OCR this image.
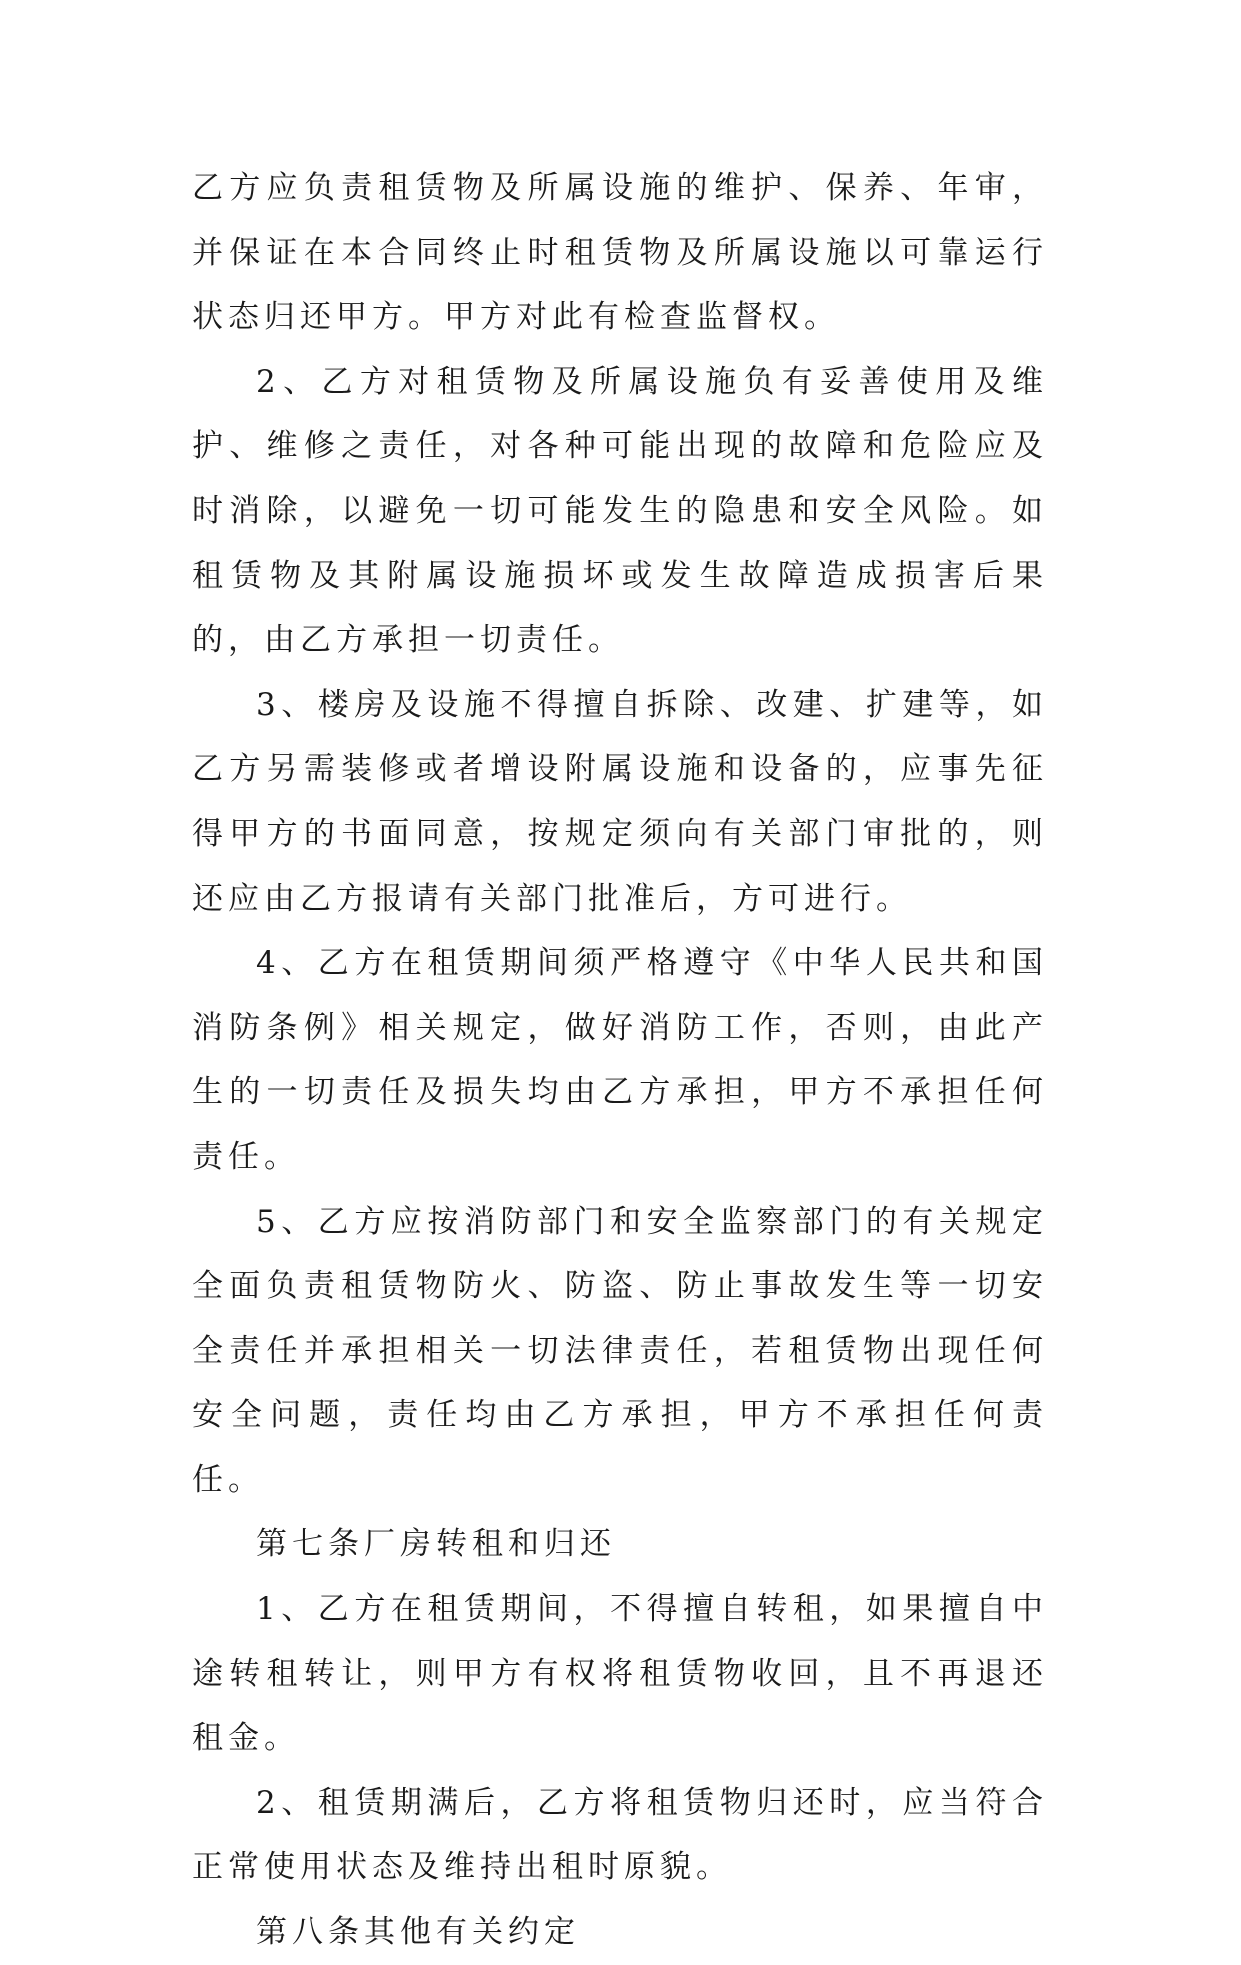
乙方应负责租赁物及所属设施的维护、保养、年审，并保证在本合同终止时租赁物及所属设施以可靠运行状态归还甲方。甲方对此有检查监督权。

2、乙方对租赁物及所属设施负有妥善使用及维护、维修之责任，对各种可能出现的故障和危险应及时消除，以避免一切可能发生的隐患和安全风险。如租赁物及其附属设施损坏或发生故障造成损害后果的，由乙方承担一切责任。

3、楼房及设施不得擅自拆除、改建、扩建等，如乙方另需装修或者增设附属设施和设备的，应事先征得甲方的书面同意，按规定须向有关部门审批的，则还应由乙方报请有关部门批准后，方可进行。

4、乙方在租赁期间须严格遵守《中华人民共和国消防条例》相关规定，做好消防工作，否则，由此产生的一切责任及损失均由乙方承担，甲方不承担任何责任。

5、乙方应按消防部门和安全监察部门的有关规定全面负责租赁物防火、防盗、防止事故发生等一切安全责任并承担相关一切法律责任，若租赁物出现任何安全问题，责任均由乙方承担，甲方不承担任何责任。

第七条厂房转租和归还

1、乙方在租赁期间，不得擅自转租，如果擅自中途转租转让，则甲方有权将租赁物收回，且不再退还租金。

2、租赁期满后，乙方将租赁物归还时，应当符合正常使用状态及维持出租时原貌。

第八条其他有关约定
